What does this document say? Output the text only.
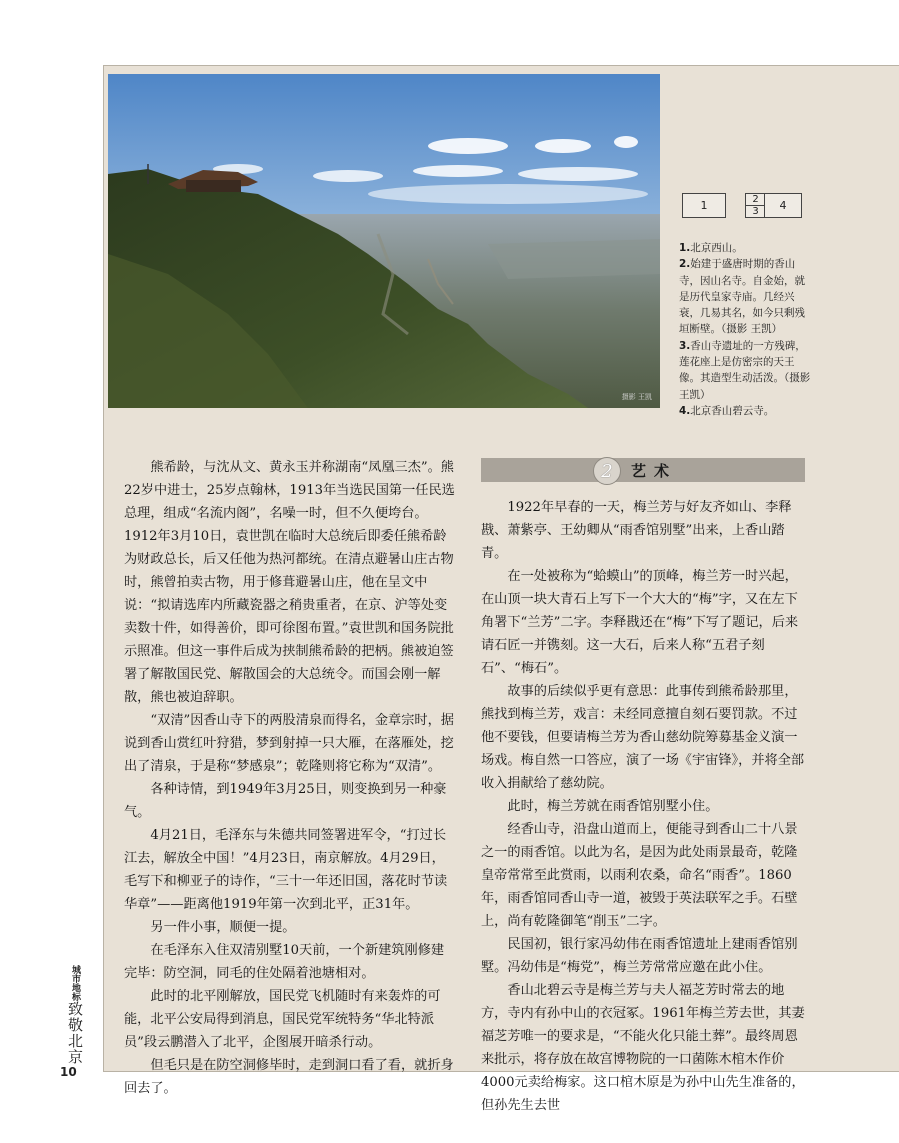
摄影 王凯
1	2
3	4

1.北京西山。

2.始建于盛唐时期的香山寺，因山名寺。自金始，就是历代皇家寺庙。几经兴衰，几易其名，如今只剩残垣断壁。（摄影 王凯）

3.香山寺遗址的一方残碑，莲花座上是仿密宗的天王像。其造型生动活泼。（摄影 王凯）

4.北京香山碧云寺。

熊希龄，与沈从文、黄永玉并称湖南“凤凰三杰”。熊22岁中进士，25岁点翰林，1913年当选民国第一任民选总理，组成“名流内阁”，名噪一时，但不久便垮台。1912年3月10日，袁世凯在临时大总统后即委任熊希龄为财政总长，后又任他为热河都统。在清点避暑山庄古物时，熊曾拍卖古物，用于修葺避暑山庄，他在呈文中说：“拟请选库内所藏瓷器之稍贵重者，在京、沪等处变卖数十件，如得善价，即可徐图布置。”袁世凯和国务院批示照准。但这一事件后成为挟制熊希龄的把柄。熊被迫签署了解散国民党、解散国会的大总统令。而国会刚一解散，熊也被迫辞职。

“双清”因香山寺下的两股清泉而得名，金章宗时，据说到香山赏红叶狩猎，梦到射掉一只大雁，在落雁处，挖出了清泉，于是称“梦感泉”；乾隆则将它称为“双清”。

各种诗情，到1949年3月25日，则变换到另一种豪气。

4月21日，毛泽东与朱德共同签署进军令，“打过长江去，解放全中国！”4月23日，南京解放。4月29日，毛写下和柳亚子的诗作，“三十一年还旧国，落花时节读华章”——距离他1919年第一次到北平，正31年。

另一件小事，顺便一提。

在毛泽东入住双清别墅10天前，一个新建筑刚修建完毕：防空洞，同毛的住处隔着池塘相对。

此时的北平刚解放，国民党飞机随时有来轰炸的可能，北平公安局得到消息，国民党军统特务“华北特派员”段云鹏潜入了北平，企图展开暗杀行动。

但毛只是在防空洞修毕时，走到洞口看了看，就折身回去了。

2	艺术

1922年早春的一天，梅兰芳与好友齐如山、李释戡、萧紫亭、王幼卿从“雨香馆别墅”出来，上香山踏青。

在一处被称为“蛤蟆山”的顶峰，梅兰芳一时兴起，在山顶一块大青石上写下一个大大的“梅”字，又在左下角署下“兰芳”二字。李释戡还在“梅”下写了题记，后来请石匠一并镌刻。这一大石，后来人称“五君子刻石”、“梅石”。

故事的后续似乎更有意思：此事传到熊希龄那里，熊找到梅兰芳，戏言：未经同意擅自刻石要罚款。不过他不要钱，但要请梅兰芳为香山慈幼院筹募基金义演一场戏。梅自然一口答应，演了一场《宇宙锋》，并将全部收入捐献给了慈幼院。

此时，梅兰芳就在雨香馆别墅小住。

经香山寺，沿盘山道而上，便能寻到香山二十八景之一的雨香馆。以此为名，是因为此处雨景最奇，乾隆皇帝常常至此赏雨，以雨利农桑，命名“雨香”。1860年，雨香馆同香山寺一道，被毁于英法联军之手。石壁上，尚有乾隆御笔“削玉”二字。

民国初，银行家冯幼伟在雨香馆遗址上建雨香馆别墅。冯幼伟是“梅党”，梅兰芳常常应邀在此小住。

香山北碧云寺是梅兰芳与夫人福芝芳时常去的地方，寺内有孙中山的衣冠冢。1961年梅兰芳去世，其妻福芝芳唯一的要求是，“不能火化只能土葬”。最终周恩来批示，将存放在故宫博物院的一口菌陈木棺木作价4000元卖给梅家。这口棺木原是为孙中山先生准备的，但孙先生去世

城市地标致敬北京
10
